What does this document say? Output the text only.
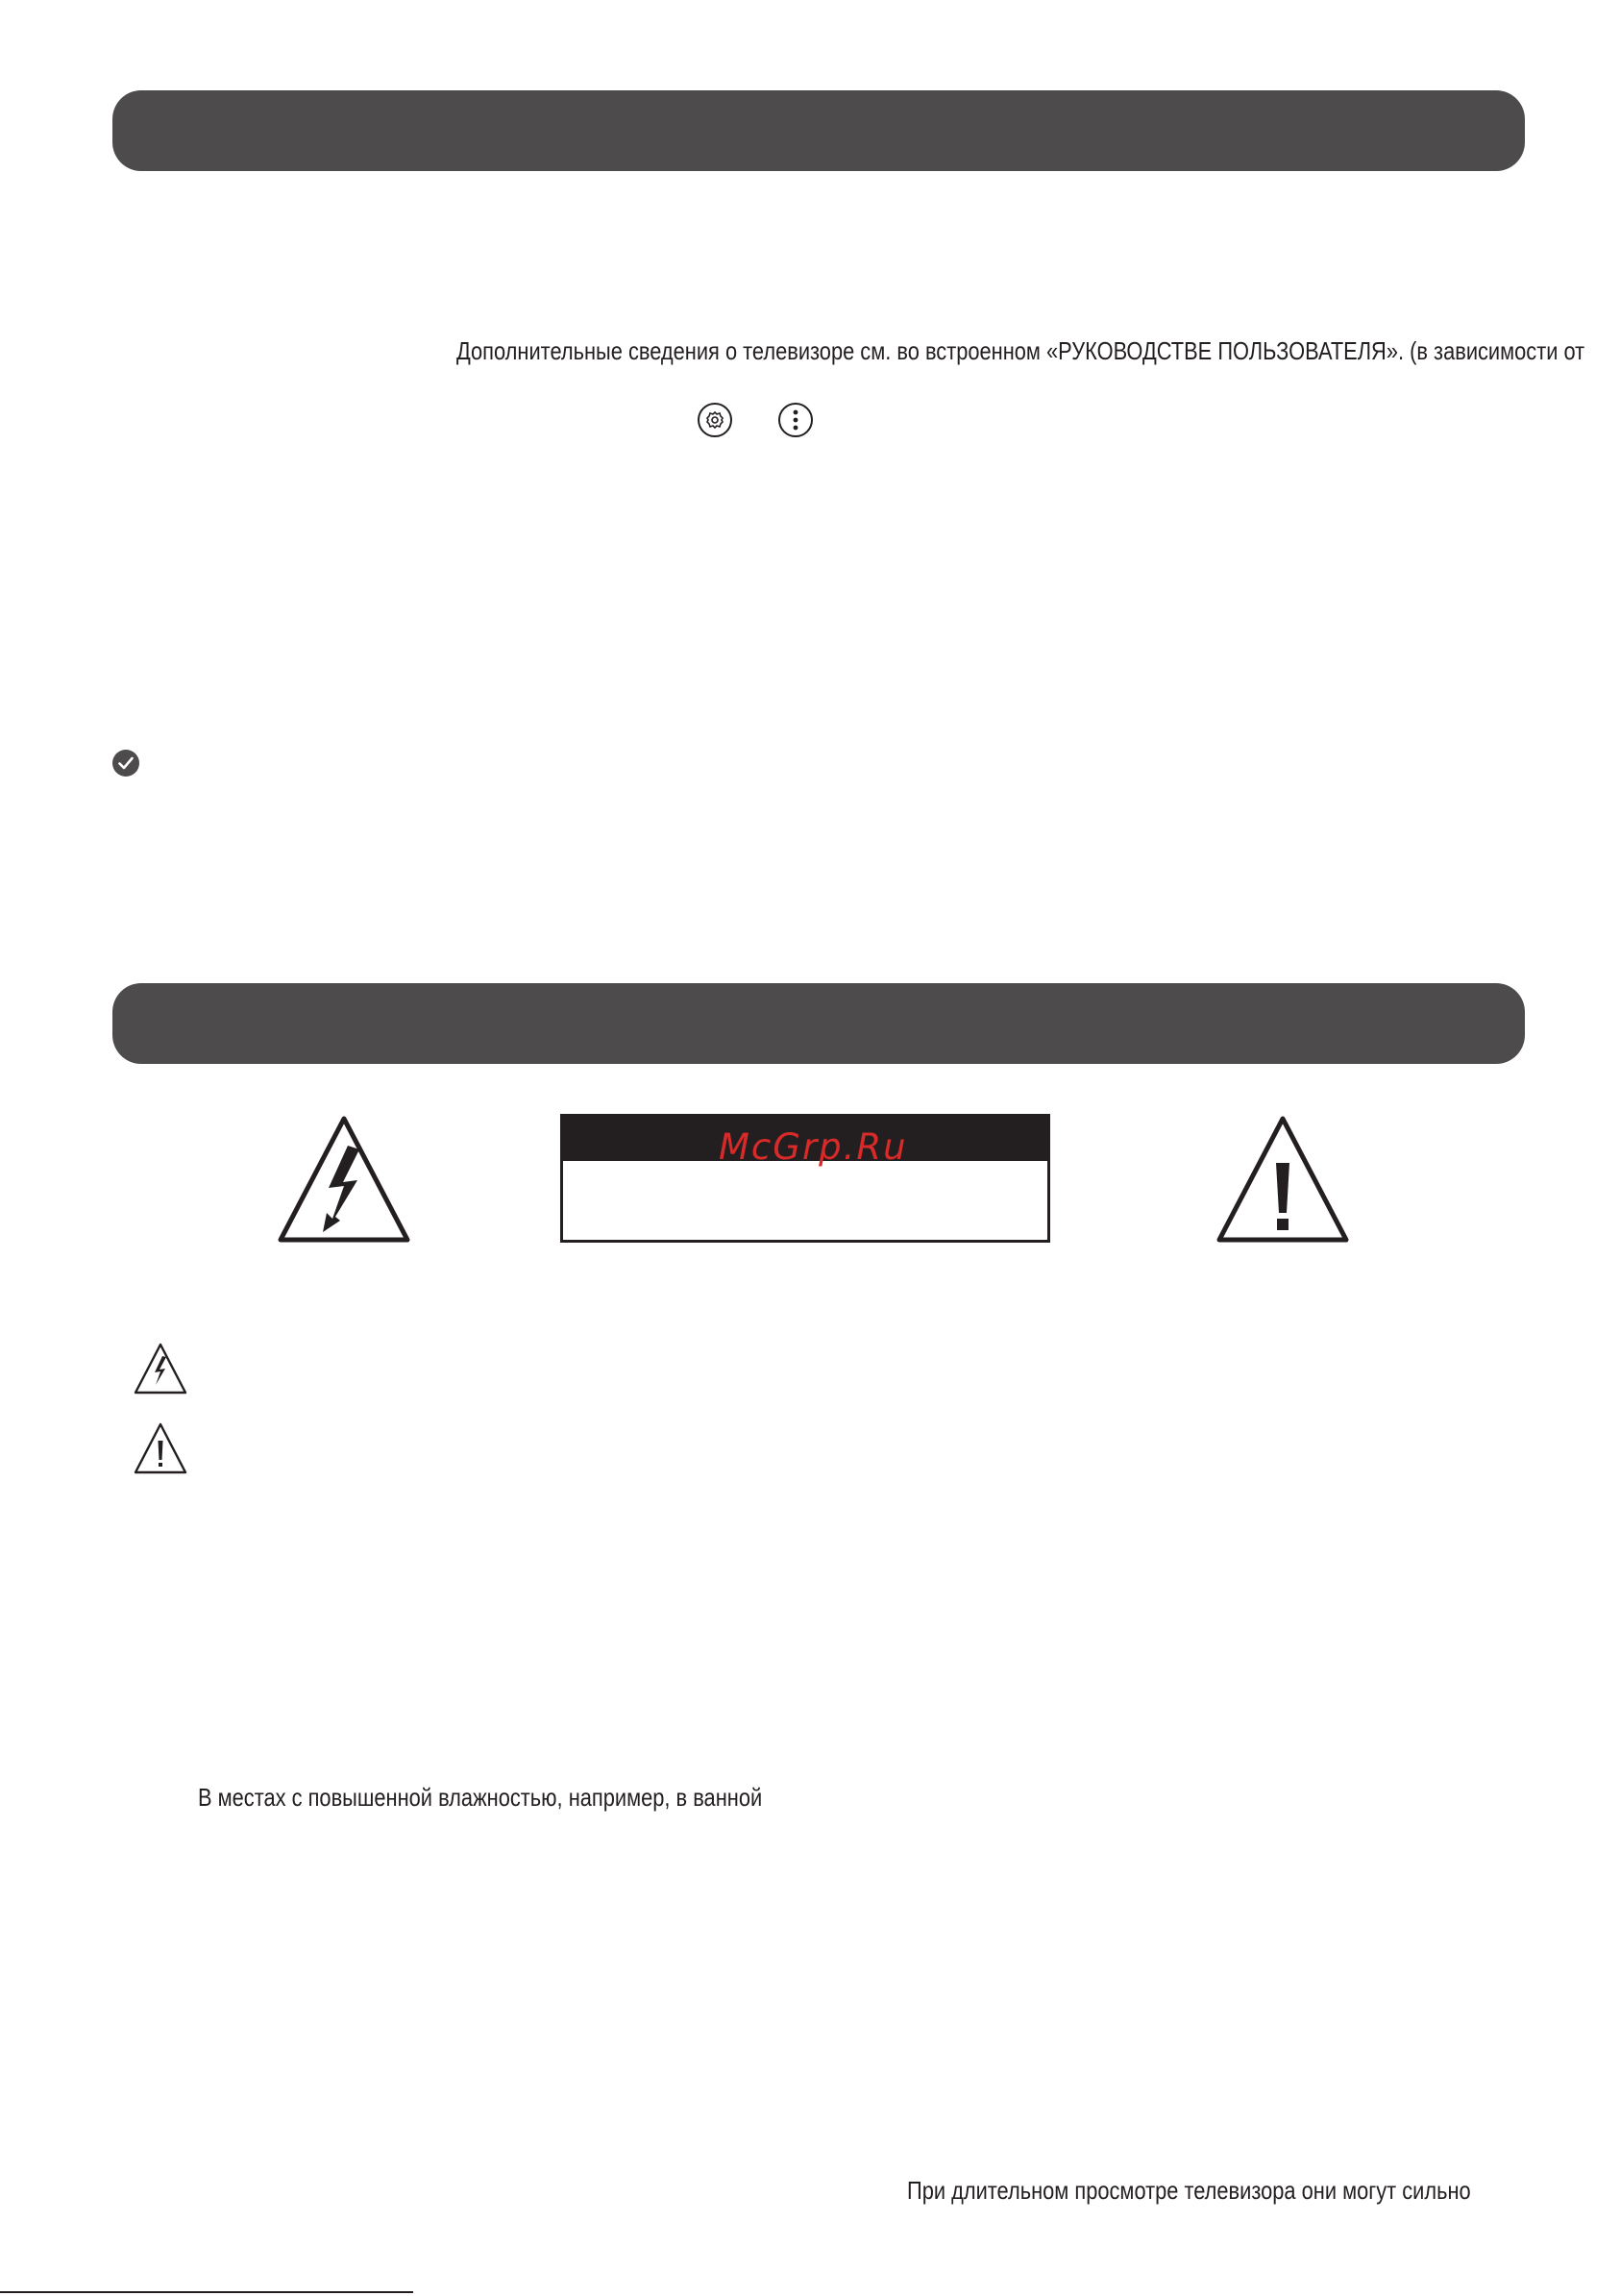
Дополнительные сведения о телевизоре см. во встроенном «РУКОВОДСТВЕ ПОЛЬЗОВАТЕЛЯ». (в зависимости от
McGrp.Ru
В местах с повышенной влажностью, например, в ванной
При длительном просмотре телевизора они могут сильно
